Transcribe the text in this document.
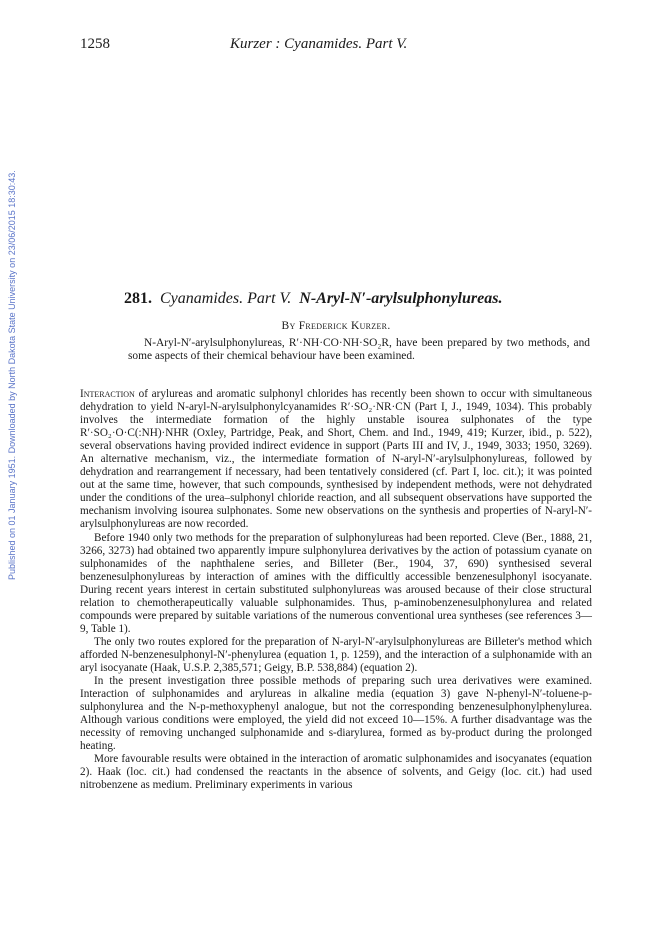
Published on 01 January 1951. Downloaded by North Dakota State University on 23/06/2015 18:30:43.
1258	Kurzer : Cyanamides. Part V.
281. Cyanamides. Part V. N-Aryl-N′-arylsulphonylureas.
By Frederick Kurzer.

N-Aryl-N′-arylsulphonylureas, R′·NH·CO·NH·SO₂R, have been prepared by two methods, and some aspects of their chemical behaviour have been examined.

Interaction of arylureas and aromatic sulphonyl chlorides has recently been shown to occur with simultaneous dehydration to yield N-aryl-N-arylsulphonylcyanamides R′·SO₂·NR·CN (Part I, J., 1949, 1034). This probably involves the intermediate formation of the highly unstable isourea sulphonates of the type R′·SO₂·O·C(:NH)·NHR (Oxley, Partridge, Peak, and Short, Chem. and Ind., 1949, 419; Kurzer, ibid., p. 522), several observations having provided indirect evidence in support (Parts III and IV, J., 1949, 3033; 1950, 3269). An alternative mechanism, viz., the intermediate formation of N-aryl-N′-arylsulphonylureas, followed by dehydration and rearrangement if necessary, had been tentatively considered (cf. Part I, loc. cit.); it was pointed out at the same time, however, that such compounds, synthesised by independent methods, were not dehydrated under the conditions of the urea–sulphonyl chloride reaction, and all subsequent observations have supported the mechanism involving isourea sulphonates. Some new observations on the synthesis and properties of N-aryl-N′-arylsulphonylureas are now recorded.

Before 1940 only two methods for the preparation of sulphonylureas had been reported. Cleve (Ber., 1888, 21, 3266, 3273) had obtained two apparently impure sulphonylurea derivatives by the action of potassium cyanate on sulphonamides of the naphthalene series, and Billeter (Ber., 1904, 37, 690) synthesised several benzenesulphonylureas by interaction of amines with the difficultly accessible benzenesulphonyl isocyanate. During recent years interest in certain substituted sulphonylureas was aroused because of their close structural relation to chemotherapeutically valuable sulphonamides. Thus, p-aminobenzenesulphonylurea and related compounds were prepared by suitable variations of the numerous conventional urea syntheses (see references 3—9, Table 1).

The only two routes explored for the preparation of N-aryl-N′-arylsulphonylureas are Billeter's method which afforded N-benzenesulphonyl-N′-phenylurea (equation 1, p. 1259), and the interaction of a sulphonamide with an aryl isocyanate (Haak, U.S.P. 2,385,571; Geigy, B.P. 538,884) (equation 2).

In the present investigation three possible methods of preparing such urea derivatives were examined. Interaction of sulphonamides and arylureas in alkaline media (equation 3) gave N-phenyl-N′-toluene-p-sulphonylurea and the N-p-methoxyphenyl analogue, but not the corresponding benzenesulphonylphenylurea. Although various conditions were employed, the yield did not exceed 10—15%. A further disadvantage was the necessity of removing unchanged sulphonamide and s-diarylurea, formed as by-product during the prolonged heating.

More favourable results were obtained in the interaction of aromatic sulphonamides and isocyanates (equation 2). Haak (loc. cit.) had condensed the reactants in the absence of solvents, and Geigy (loc. cit.) had used nitrobenzene as medium. Preliminary experiments in various
